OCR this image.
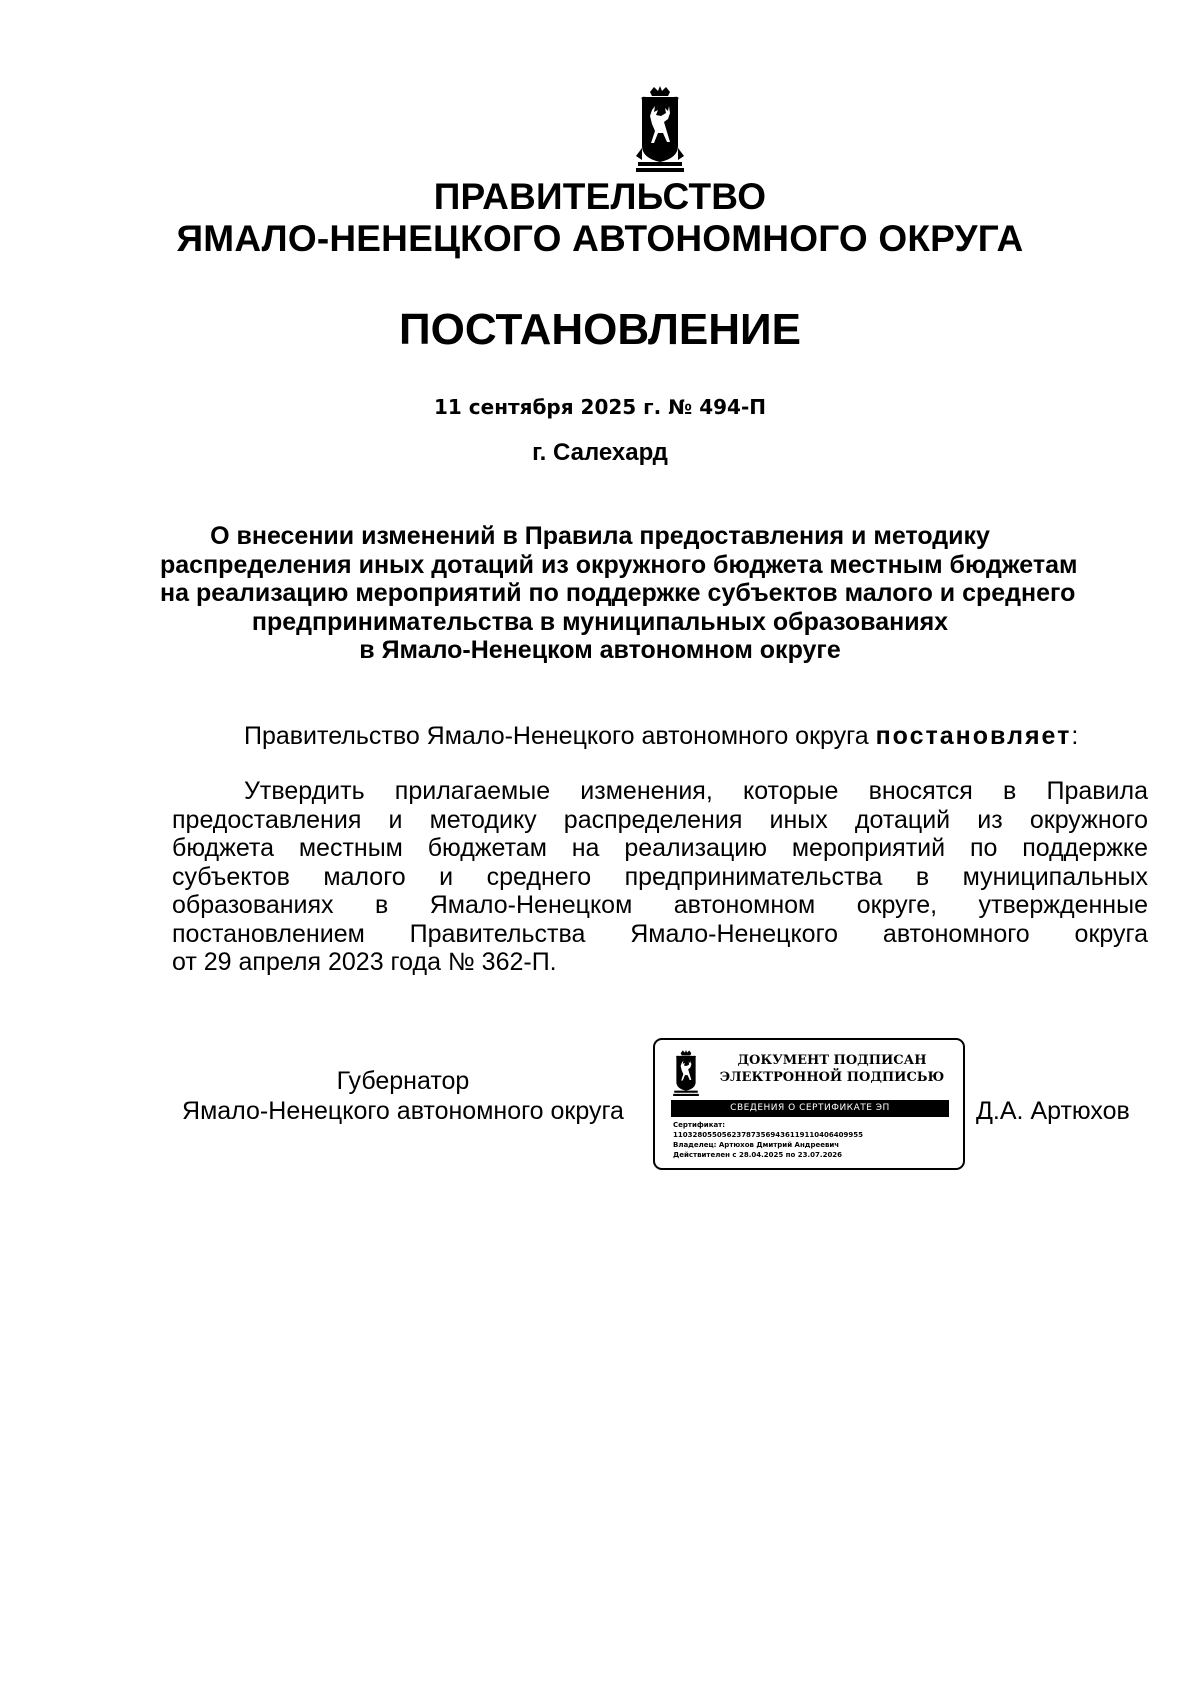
ПРАВИТЕЛЬСТВО
ЯМАЛО-НЕНЕЦКОГО АВТОНОМНОГО ОКРУГА
ПОСТАНОВЛЕНИЕ
11 сентября 2025 г. № 494-П
г. Салехард
О внесении изменений в Правила предоставления и методику
распределения иных дотаций из окружного бюджета местным бюджетам
на реализацию мероприятий по поддержке субъектов малого и среднего
предпринимательства в муниципальных образованиях
в Ямало-Ненецком автономном округе

Правительство Ямало-Ненецкого автономного округа постановляет:

Утвердить прилагаемые изменения, которые вносятся в Правила
предоставления и методику распределения иных дотаций из окружного
бюджета местным бюджетам на реализацию мероприятий по поддержке
субъектов малого и среднего предпринимательства в муниципальных
образованиях в Ямало-Ненецком автономном округе, утвержденные
постановлением Правительства Ямало-Ненецкого автономного округа
от 29 апреля 2023 года № 362-П.
Губернатор
Ямало-Ненецкого автономного округа
ДОКУМЕНТ ПОДПИСАН
ЭЛЕКТРОННОЙ ПОДПИСЬЮ
СВЕДЕНИЯ О СЕРТИФИКАТЕ ЭП
Сертификат:
110328055056237873569436119110406409955
Владелец: Артюхов Дмитрий Андреевич
Действителен с 28.04.2025 по 23.07.2026
Д.А. Артюхов
